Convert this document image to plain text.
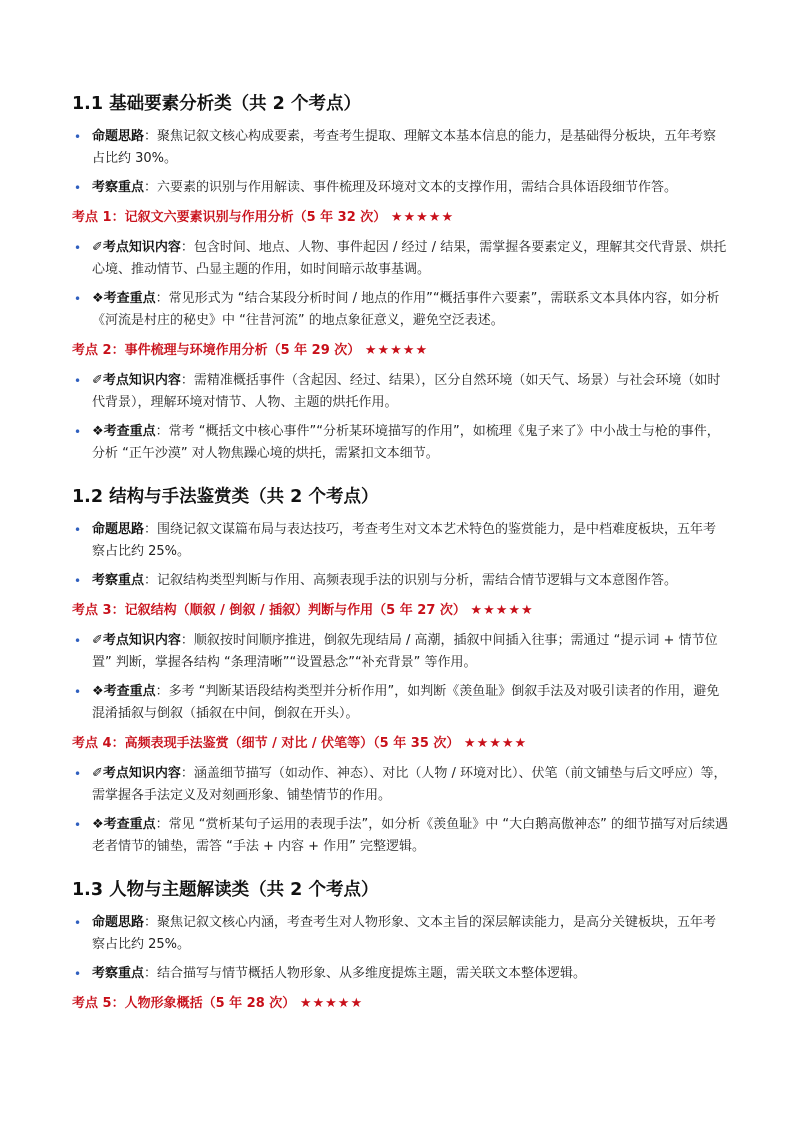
1.1 基础要素分析类（共 2 个考点）
• 命题思路：聚焦记叙文核心构成要素，考查考生提取、理解文本基本信息的能力，是基础得分板块，五年考察占比约 30%。
• 考察重点：六要素的识别与作用解读、事件梳理及环境对文本的支撑作用，需结合具体语段细节作答。
考点 1：记叙文六要素识别与作用分析（5 年 32 次） ★★★★★
• ✐考点知识内容：包含时间、地点、人物、事件起因 / 经过 / 结果，需掌握各要素定义，理解其交代背景、烘托心境、推动情节、凸显主题的作用，如时间暗示故事基调。
• ❖考查重点：常见形式为 “结合某段分析时间 / 地点的作用”“概括事件六要素”，需联系文本具体内容，如分析《河流是村庄的秘史》中 “往昔河流” 的地点象征意义，避免空泛表述。
考点 2：事件梳理与环境作用分析（5 年 29 次） ★★★★★
• ✐考点知识内容：需精准概括事件（含起因、经过、结果），区分自然环境（如天气、场景）与社会环境（如时代背景），理解环境对情节、人物、主题的烘托作用。
• ❖考查重点：常考 “概括文中核心事件”“分析某环境描写的作用”，如梳理《鬼子来了》中小战士与枪的事件，分析 “正午沙漠” 对人物焦躁心境的烘托，需紧扣文本细节。
1.2 结构与手法鉴赏类（共 2 个考点）
• 命题思路：围绕记叙文谋篇布局与表达技巧，考查考生对文本艺术特色的鉴赏能力，是中档难度板块，五年考察占比约 25%。
• 考察重点：记叙结构类型判断与作用、高频表现手法的识别与分析，需结合情节逻辑与文本意图作答。
考点 3：记叙结构（顺叙 / 倒叙 / 插叙）判断与作用（5 年 27 次） ★★★★★
• ✐考点知识内容：顺叙按时间顺序推进，倒叙先现结局 / 高潮，插叙中间插入往事；需通过 “提示词 + 情节位置” 判断，掌握各结构 “条理清晰”“设置悬念”“补充背景” 等作用。
• ❖考查重点：多考 “判断某语段结构类型并分析作用”，如判断《羡鱼耻》倒叙手法及对吸引读者的作用，避免混淆插叙与倒叙（插叙在中间，倒叙在开头）。
考点 4：高频表现手法鉴赏（细节 / 对比 / 伏笔等）（5 年 35 次） ★★★★★
• ✐考点知识内容：涵盖细节描写（如动作、神态）、对比（人物 / 环境对比）、伏笔（前文铺垫与后文呼应）等，需掌握各手法定义及对刻画形象、铺垫情节的作用。
• ❖考查重点：常见 “赏析某句子运用的表现手法”，如分析《羡鱼耻》中 “大白鹅高傲神态” 的细节描写对后续遇老者情节的铺垫，需答 “手法 + 内容 + 作用” 完整逻辑。
1.3 人物与主题解读类（共 2 个考点）
• 命题思路：聚焦记叙文核心内涵，考查考生对人物形象、文本主旨的深层解读能力，是高分关键板块，五年考察占比约 25%。
• 考察重点：结合描写与情节概括人物形象、从多维度提炼主题，需关联文本整体逻辑。
考点 5：人物形象概括（5 年 28 次） ★★★★★
